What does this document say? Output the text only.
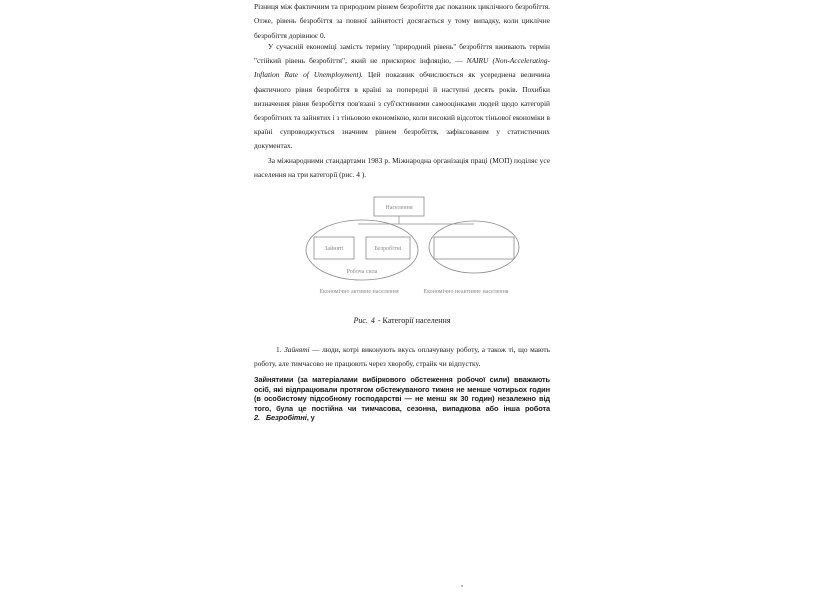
Різниця між фактичним та природним рівнем безробіття дає показник циклічного безробіття. Отже, рівень безробіття за повної зайнятості досягається у тому випадку, коли циклічне безробіття дорівнює 0.

У сучасній економіці замість терміну "природний рівень" безробіття вживають термін "стійкий рівень безробіття", який не прискорює інфляцію, — NAIRU (Non-Accelerating-Inflation Rate of Unemployment). Цей показник обчислюється як усереднена величина фактичного рівня безробіття в країні за попередні й наступні десять років. Похибки визначення рівня безробіття пов'язані з суб'єктивними самооцінками людей щодо категорій безробітних та зайнятих і з тіньовою економікою, коли високий відсоток тіньової економіки в країні супроводжується значним рівнем безробіття, зафіксованим у статистичних документах.

За міжнародними стандартами 1983 р. Міжнародна організація праці (МОП) поділяє усе населення на три категорії (рис. 4 ).

Населення
Зайняті	Безробітні
Робоча сила
Економічно активне населення	Економічно неактивне населення
Рис. 4 - Категорії населення

1. Зайняті — люди, котрі виконують вкусь оплачувану роботу, а також ті, що мають роботу, але тимчасово не працюють через хворобу, страйк чи відпустку.

Зайнятими (за матеріалами вибіркового обстеження робочої сили) вважають осіб, які відпрацювали протягом обстежуваного тижня не менше чотирьох годин (в особистому підсобному господарстві — не менш як 30 годин) незалежно від того, була це постійна чи тимчасова, сезонна, випадкова або інша робота 2. Безробітні, у
